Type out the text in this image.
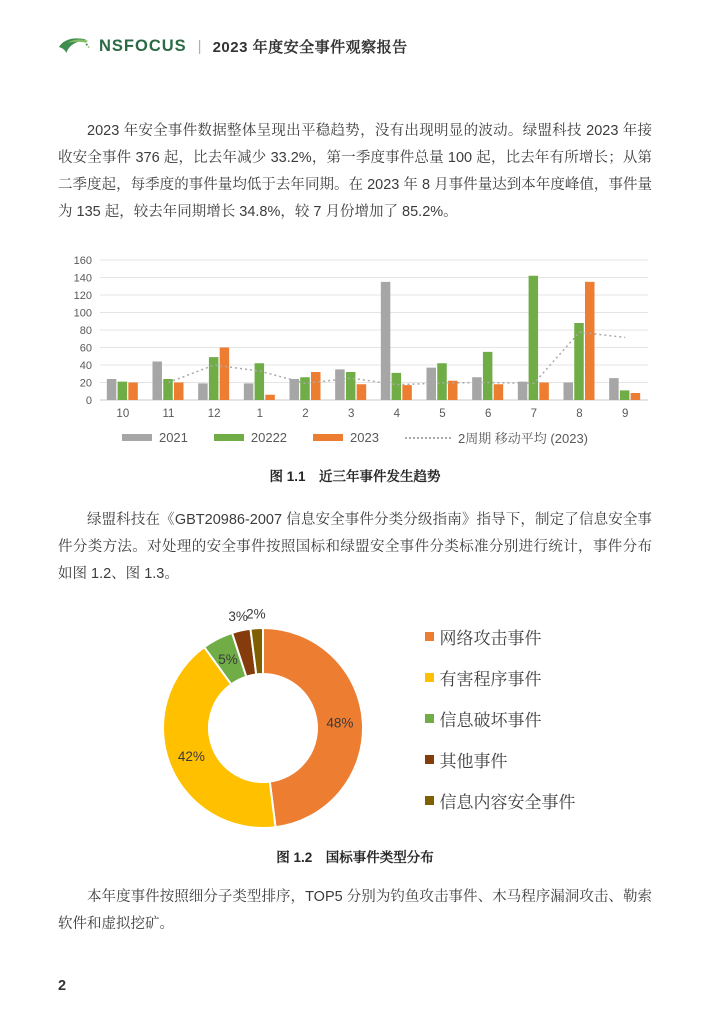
NSFOCUS | 2023 年度安全事件观察报告

2023 年安全事件数据整体呈现出平稳趋势，没有出现明显的波动。绿盟科技 2023 年接收安全事件 376 起，比去年减少 33.2%，第一季度事件总量 100 起，比去年有所增长；从第二季度起，每季度的事件量均低于去年同期。在 2023 年 8 月事件量达到本年度峰值，事件量为 135 起，较去年同期增长 34.8%，较 7 月份增加了 85.2%。

0
20
40
60
80
100
120
140
160
10	11	12	1	2	3	4	5	6	7	8	9
2021	20222	2023	2周期 移动平均 (2023)
图 1.1　近三年事件发生趋势

绿盟科技在《GBT20986-2007 信息安全事件分类分级指南》指导下，制定了信息安全事件分类方法。对处理的安全事件按照国标和绿盟安全事件分类标准分别进行统计，事件分布如图 1.2、图 1.3。

48%
42%
5%
3%
2%
网络攻击事件
有害程序事件
信息破坏事件
其他事件
信息内容安全事件
图 1.2　国标事件类型分布

本年度事件按照细分子类型排序，TOP5 分别为钓鱼攻击事件、木马程序漏洞攻击、勒索软件和虚拟挖矿。

2
